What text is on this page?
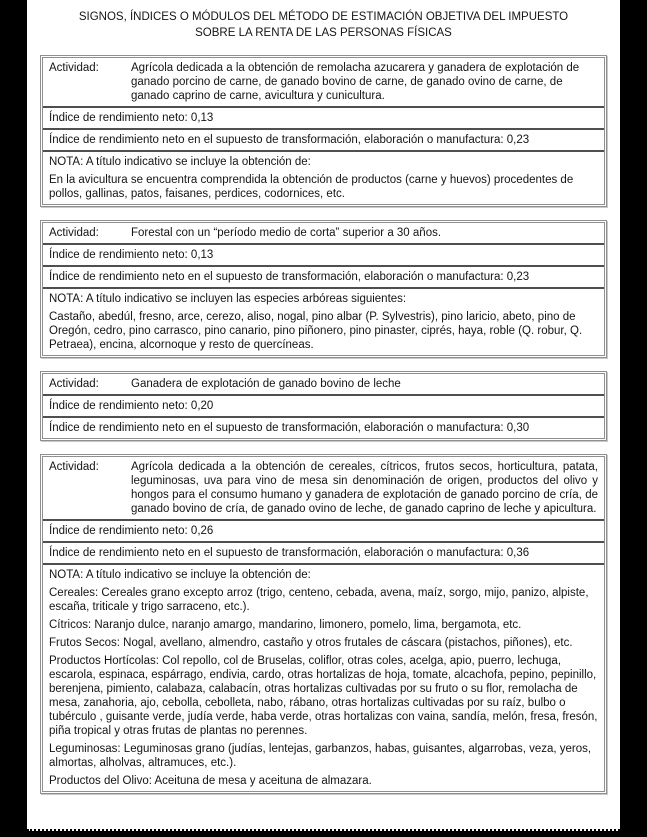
SIGNOS, ÍNDICES O MÓDULOS DEL MÉTODO DE ESTIMACIÓN OBJETIVA DEL IMPUESTO
SOBRE LA RENTA DE LAS PERSONAS FÍSICAS
Actividad:	Agrícola dedicada a la obtención de remolacha azucarera y ganadera de explotación de ganado porcino de carne, de ganado bovino de carne, de ganado ovino de carne, de ganado caprino de carne, avicultura y cunicultura.
Índice de rendimiento neto: 0,13
Índice de rendimiento neto en el supuesto de transformación, elaboración o manufactura: 0,23

NOTA: A título indicativo se incluye la obtención de:

En la avicultura se encuentra comprendida la obtención de productos (carne y huevos) procedentes de pollos, gallinas, patos, faisanes, perdices, codornices, etc.

Actividad:	Forestal con un “período medio de corta” superior a 30 años.
Índice de rendimiento neto: 0,13
Índice de rendimiento neto en el supuesto de transformación, elaboración o manufactura: 0,23

NOTA: A título indicativo se incluyen las especies arbóreas siguientes:

Castaño, abedúl, fresno, arce, cerezo, aliso, nogal, pino albar (P. Sylvestris), pino laricio, abeto, pino de Oregón, cedro, pino carrasco, pino canario, pino piñonero, pino pinaster, ciprés, haya, roble (Q. robur, Q. Petraea), encina, alcornoque y resto de quercíneas.

Actividad:	Ganadera de explotación de ganado bovino de leche
Índice de rendimiento neto: 0,20
Índice de rendimiento neto en el supuesto de transformación, elaboración o manufactura: 0,30
Actividad:	Agrícola dedicada a la obtención de cereales, cítricos, frutos secos, horticultura, patata, leguminosas, uva para vino de mesa sin denominación de origen, productos del olivo y hongos para el consumo humano y ganadera de explotación de ganado porcino de cría, de ganado bovino de cría, de ganado ovino de leche, de ganado caprino de leche y apicultura.
Índice de rendimiento neto: 0,26
Índice de rendimiento neto en el supuesto de transformación, elaboración o manufactura: 0,36

NOTA: A título indicativo se incluye la obtención de:

Cereales: Cereales grano excepto arroz (trigo, centeno, cebada, avena, maíz, sorgo, mijo, panizo, alpiste, escaña, triticale y trigo sarraceno, etc.).

Cítricos: Naranjo dulce, naranjo amargo, mandarino, limonero, pomelo, lima, bergamota, etc.

Frutos Secos: Nogal, avellano, almendro, castaño y otros frutales de cáscara (pistachos, piñones), etc.

Productos Hortícolas: Col repollo, col de Bruselas, coliflor, otras coles, acelga, apio, puerro, lechuga, escarola, espinaca, espárrago, endivia, cardo, otras hortalizas de hoja, tomate, alcachofa, pepino, pepinillo, berenjena, pimiento, calabaza, calabacín, otras hortalizas cultivadas por su fruto o su flor, remolacha de mesa, zanahoria, ajo, cebolla, cebolleta, nabo, rábano, otras hortalizas cultivadas por su raíz, bulbo o tubérculo , guisante verde, judía verde, haba verde, otras hortalizas con vaina, sandía, melón, fresa, fresón, piña tropical y otras frutas de plantas no perennes.

Leguminosas: Leguminosas grano (judías, lentejas, garbanzos, habas, guisantes, algarrobas, veza, yeros, almortas, alholvas, altramuces, etc.).

Productos del Olivo: Aceituna de mesa y aceituna de almazara.
